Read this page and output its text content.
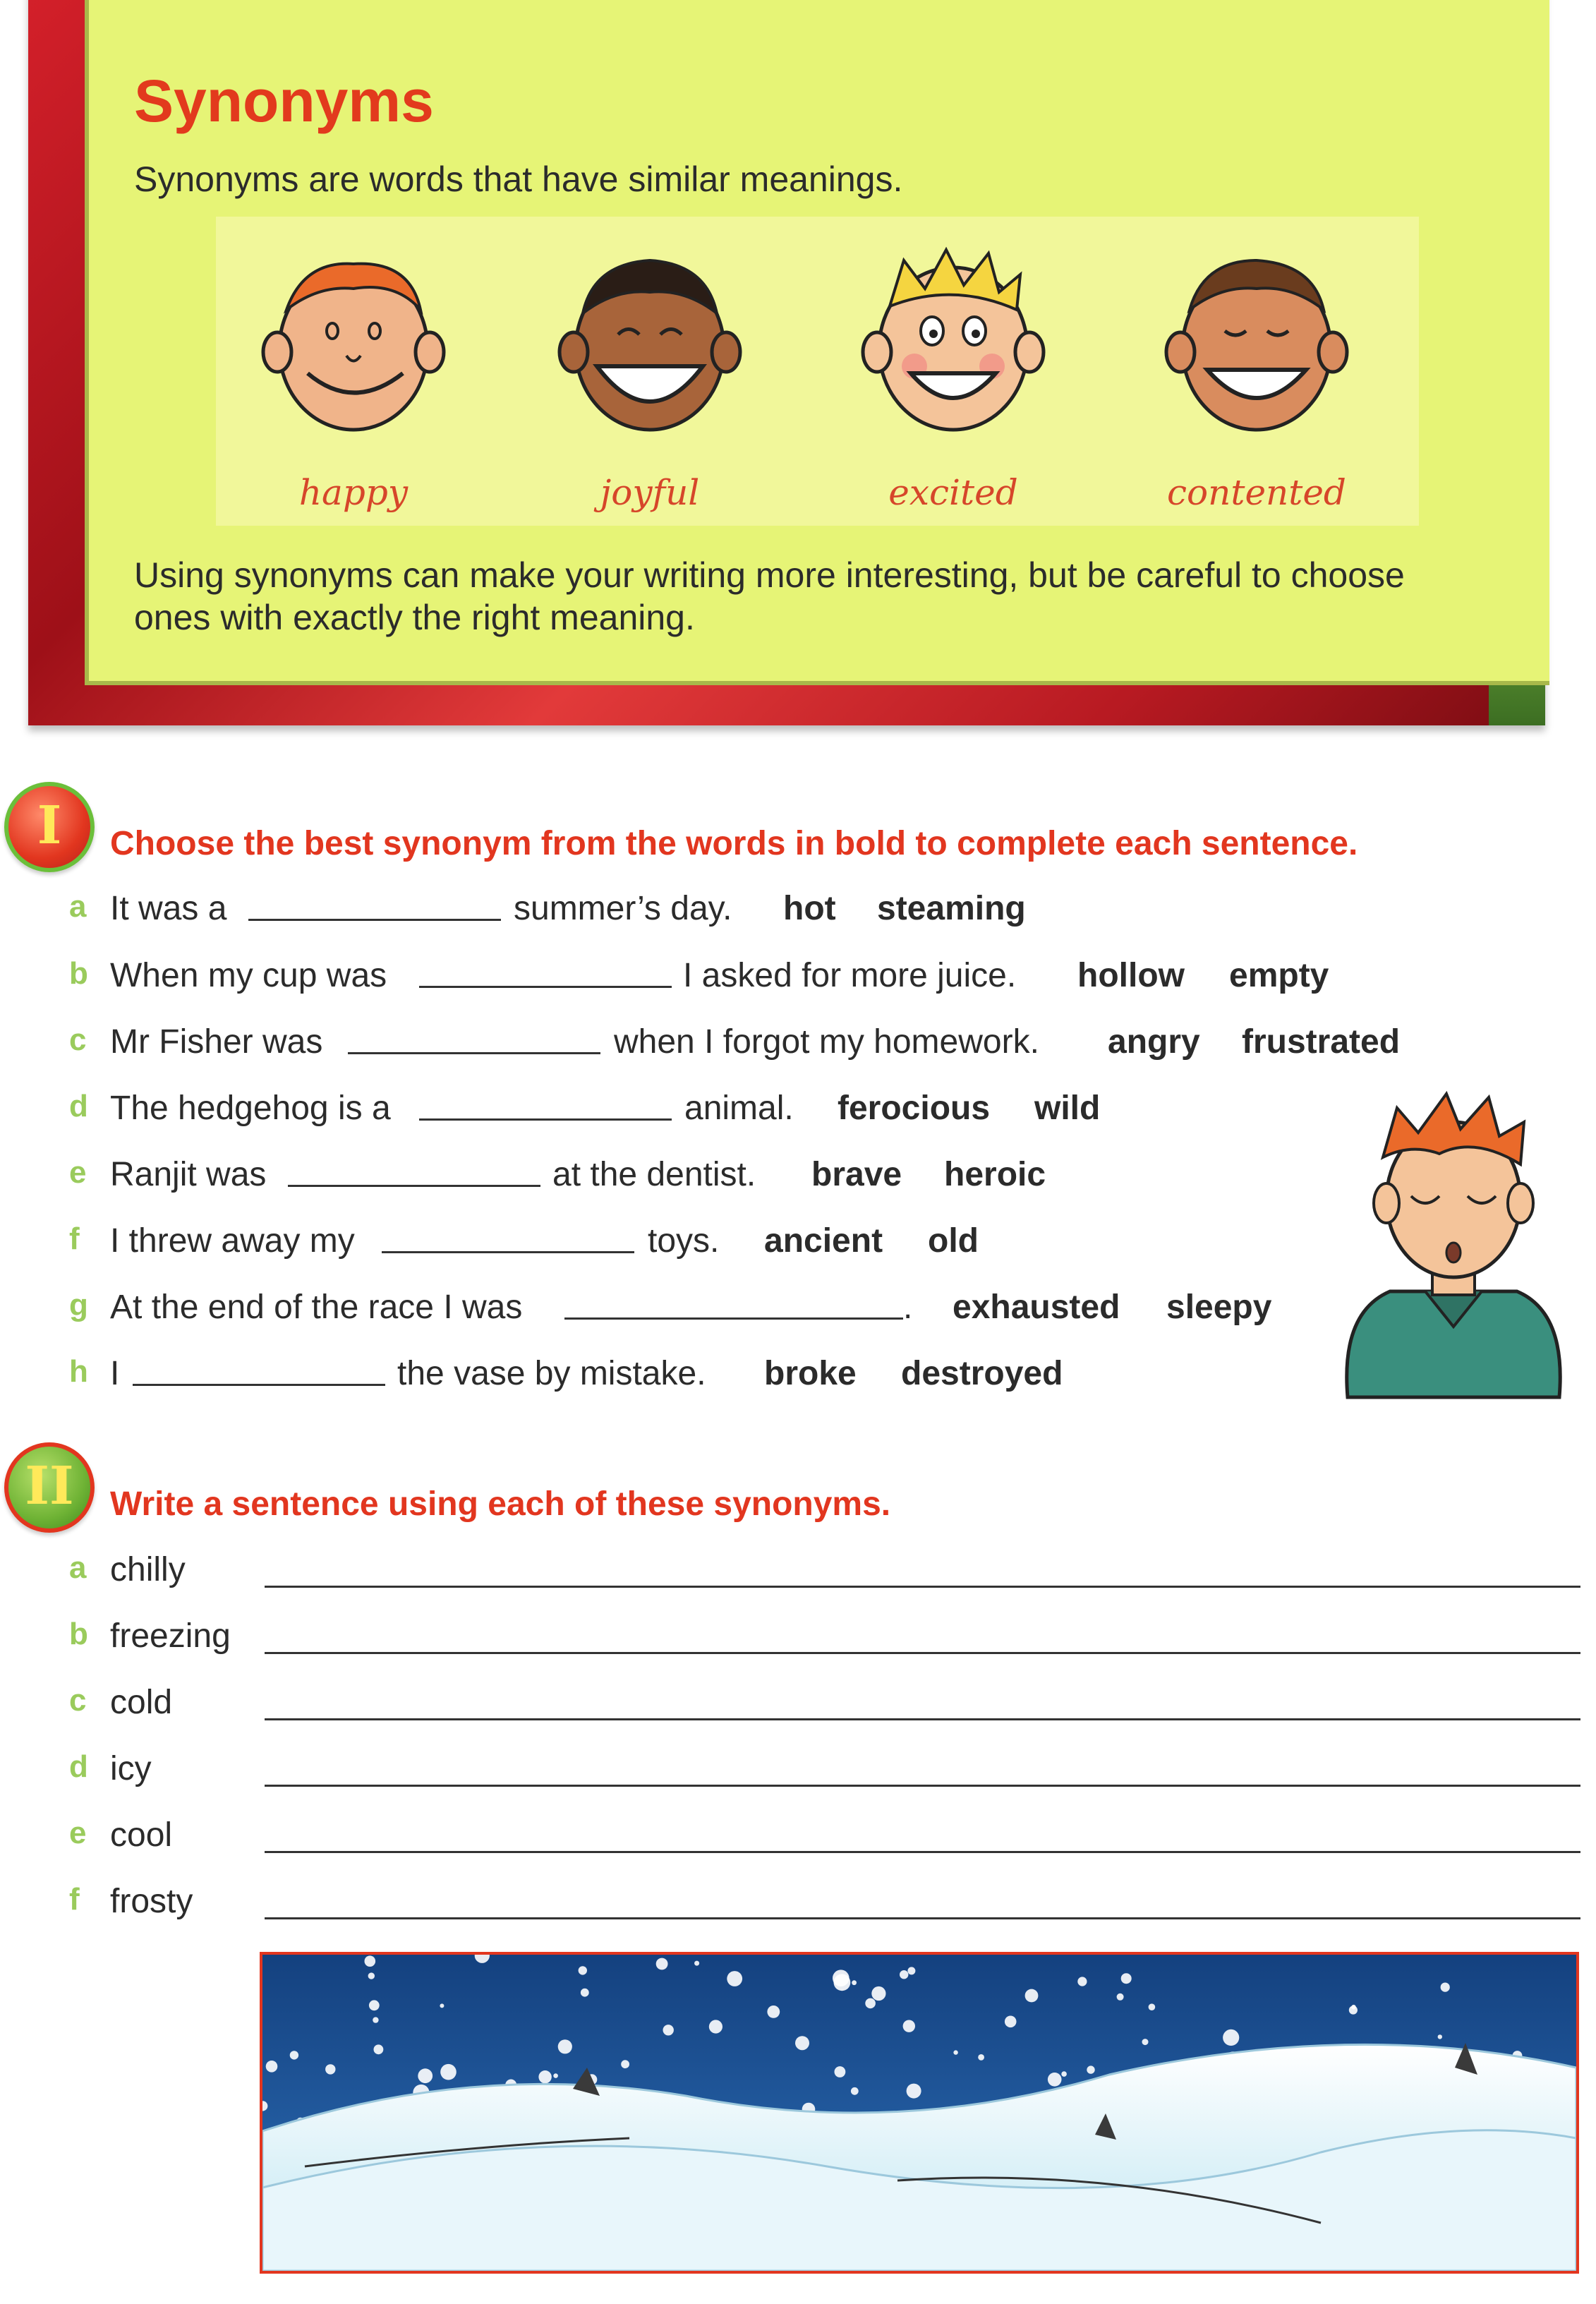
Synonyms
Synonyms are words that have similar meanings.
happy	joyful	excited	contented
Using synonyms can make your writing more interesting, but be careful to choose ones with exactly the right meaning.
I	Choose the best synonym from the words in bold to complete each sentence.
a It was a	summer’s day. hot steaming
b When my cup was	I asked for more juice. hollow empty
c Mr Fisher was	when I forgot my homework. angry frustrated
d The hedgehog is a	animal. ferocious wild
e Ranjit was	at the dentist. brave heroic
f I threw away my	toys. ancient old
g At the end of the race I was	. exhausted sleepy
h I	the vase by mistake. broke destroyed
II	Write a sentence using each of these synonyms.
a chilly
b freezing
c cold
d icy
e cool
f frosty
